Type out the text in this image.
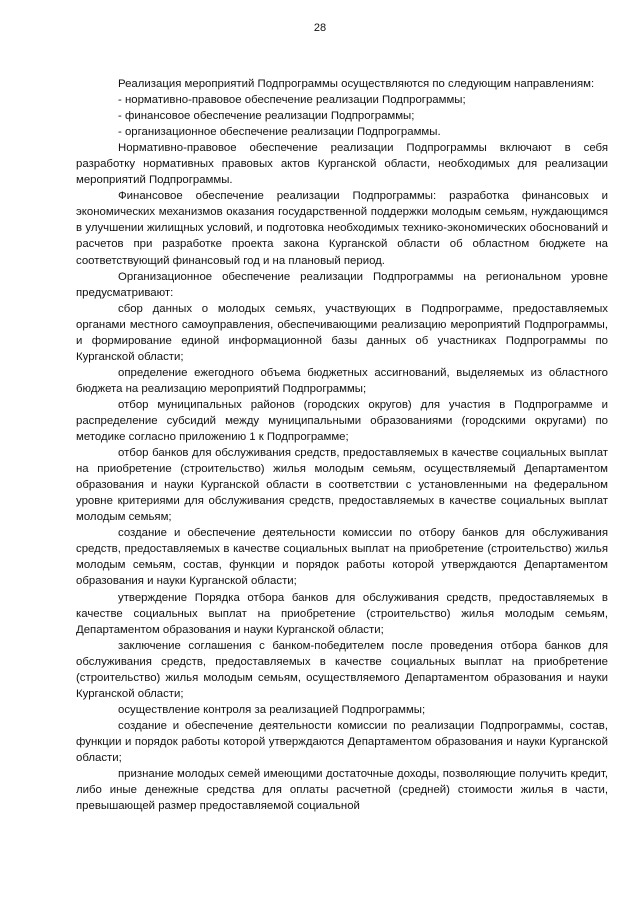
28

Реализация мероприятий Подпрограммы осуществляются по следующим направлениям:

- нормативно-правовое обеспечение реализации Подпрограммы;

- финансовое обеспечение реализации Подпрограммы;

- организационное обеспечение реализации Подпрограммы.

Нормативно-правовое обеспечение реализации Подпрограммы включают в себя разработку нормативных правовых актов Курганской области, необходимых для реализации мероприятий Подпрограммы.

Финансовое обеспечение реализации Подпрограммы: разработка финансовых и экономических механизмов оказания государственной поддержки молодым семьям, нуждающимся в улучшении жилищных условий, и подготовка необходимых технико-экономических обоснований и расчетов при разработке проекта закона Курганской области об областном бюджете на соответствующий финансовый год и на плановый период.

Организационное обеспечение реализации Подпрограммы на региональном уровне предусматривают:

сбор данных о молодых семьях, участвующих в Подпрограмме, предоставляемых органами местного самоуправления, обеспечивающими реализацию мероприятий Подпрограммы, и формирование единой информационной базы данных об участниках Подпрограммы по Курганской области;

определение ежегодного объема бюджетных ассигнований, выделяемых из областного бюджета на реализацию мероприятий Подпрограммы;

отбор муниципальных районов (городских округов) для участия в Подпрограмме и распределение субсидий между муниципальными образованиями (городскими округами) по методике согласно приложению 1 к Подпрограмме;

отбор банков для обслуживания средств, предоставляемых в качестве социальных выплат на приобретение (строительство) жилья молодым семьям, осуществляемый Департаментом образования и науки Курганской области в соответствии с установленными на федеральном уровне критериями для обслуживания средств, предоставляемых в качестве социальных выплат молодым семьям;

создание и обеспечение деятельности комиссии по отбору банков для обслуживания средств, предоставляемых в качестве социальных выплат на приобретение (строительство) жилья молодым семьям, состав, функции и порядок работы которой утверждаются Департаментом образования и науки Курганской области;

утверждение Порядка отбора банков для обслуживания средств, предоставляемых в качестве социальных выплат на приобретение (строительство) жилья молодым семьям, Департаментом образования и науки Курганской области;

заключение соглашения с банком-победителем после проведения отбора банков для обслуживания средств, предоставляемых в качестве социальных выплат на приобретение (строительство) жилья молодым семьям, осуществляемого Департаментом образования и науки Курганской области;

осуществление контроля за реализацией Подпрограммы;

создание и обеспечение деятельности комиссии по реализации Подпрограммы, состав, функции и порядок работы которой утверждаются Департаментом образования и науки Курганской области;

признание молодых семей имеющими достаточные доходы, позволяющие получить кредит, либо иные денежные средства для оплаты расчетной (средней) стоимости жилья в части, превышающей размер предоставляемой социальной
